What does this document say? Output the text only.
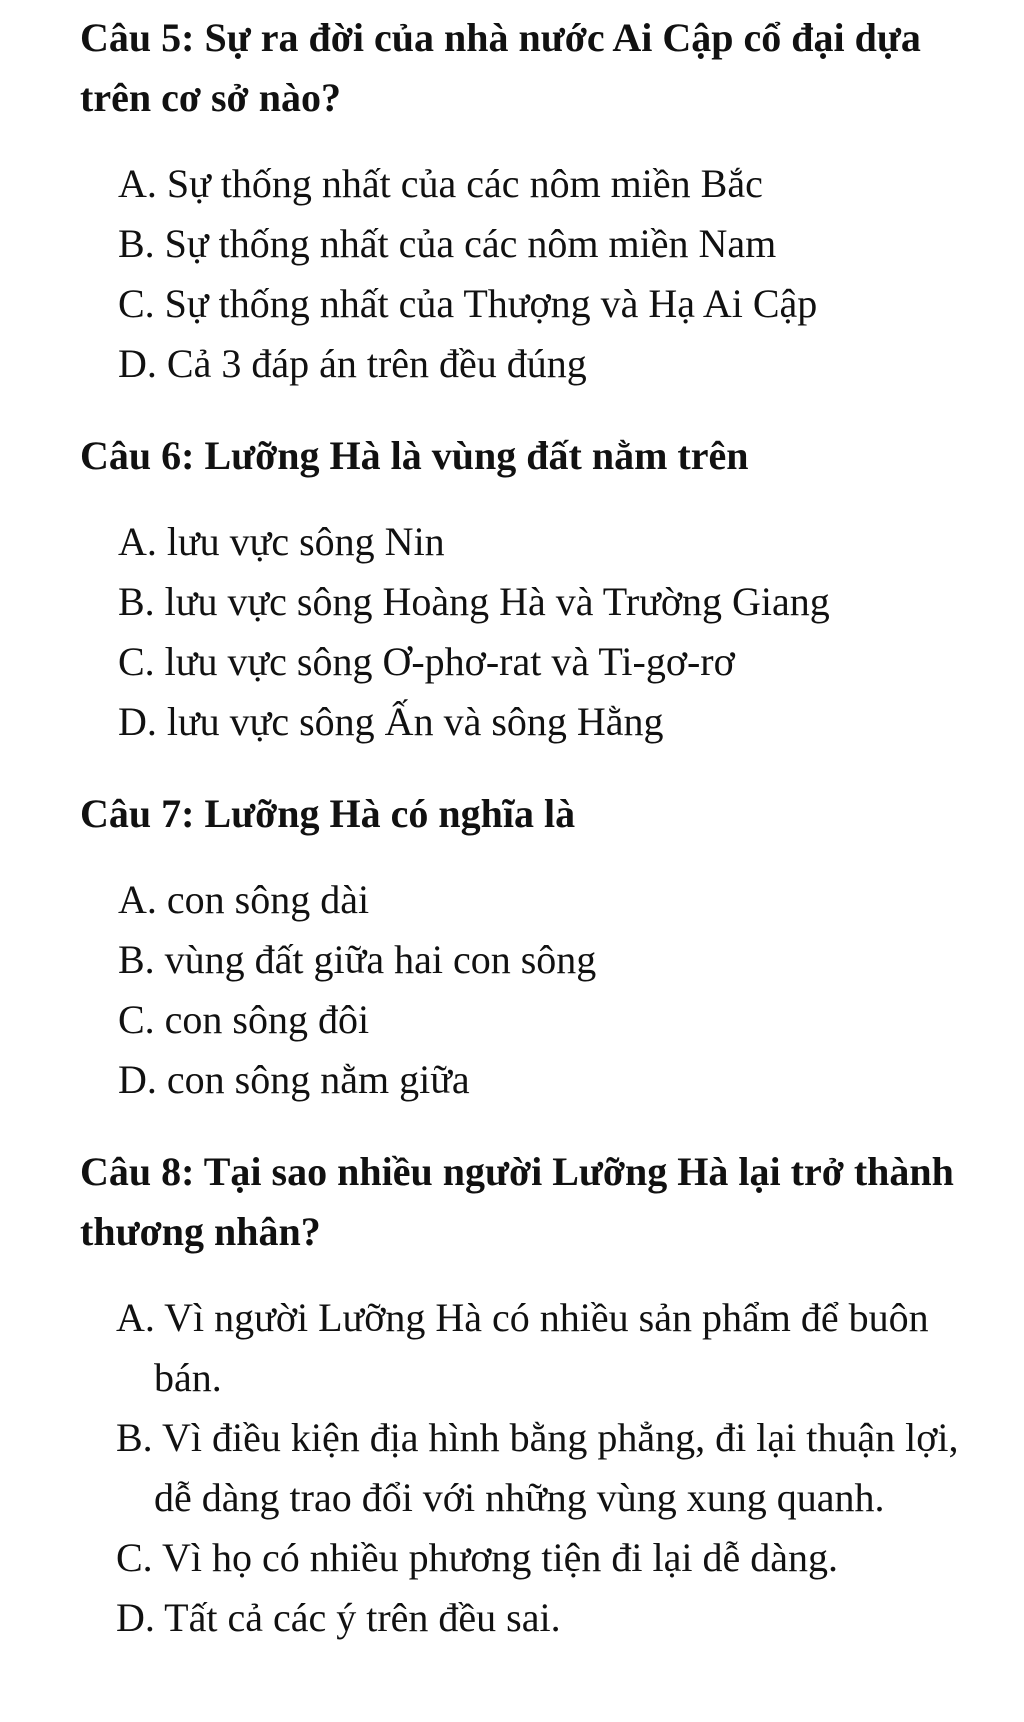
Câu 5: Sự ra đời của nhà nước Ai Cập cổ đại dựa trên cơ sở nào?

A. Sự thống nhất của các nôm miền Bắc
B. Sự thống nhất của các nôm miền Nam
C. Sự thống nhất của Thượng và Hạ Ai Cập
D. Cả 3 đáp án trên đều đúng

Câu 6: Lưỡng Hà là vùng đất nằm trên

A. lưu vực sông Nin
B. lưu vực sông Hoàng Hà và Trường Giang
C. lưu vực sông Ơ-phơ-rat và Ti-gơ-rơ
D. lưu vực sông Ấn và sông Hằng

Câu 7: Lưỡng Hà có nghĩa là

A. con sông dài
B. vùng đất giữa hai con sông
C. con sông đôi
D. con sông nằm giữa

Câu 8: Tại sao nhiều người Lưỡng Hà lại trở thành thương nhân?

A. Vì người Lưỡng Hà có nhiều sản phẩm để buôn bán.
B. Vì điều kiện địa hình bằng phẳng, đi lại thuận lợi, dễ dàng trao đổi với những vùng xung quanh.
C. Vì họ có nhiều phương tiện đi lại dễ dàng.
D. Tất cả các ý trên đều sai.
